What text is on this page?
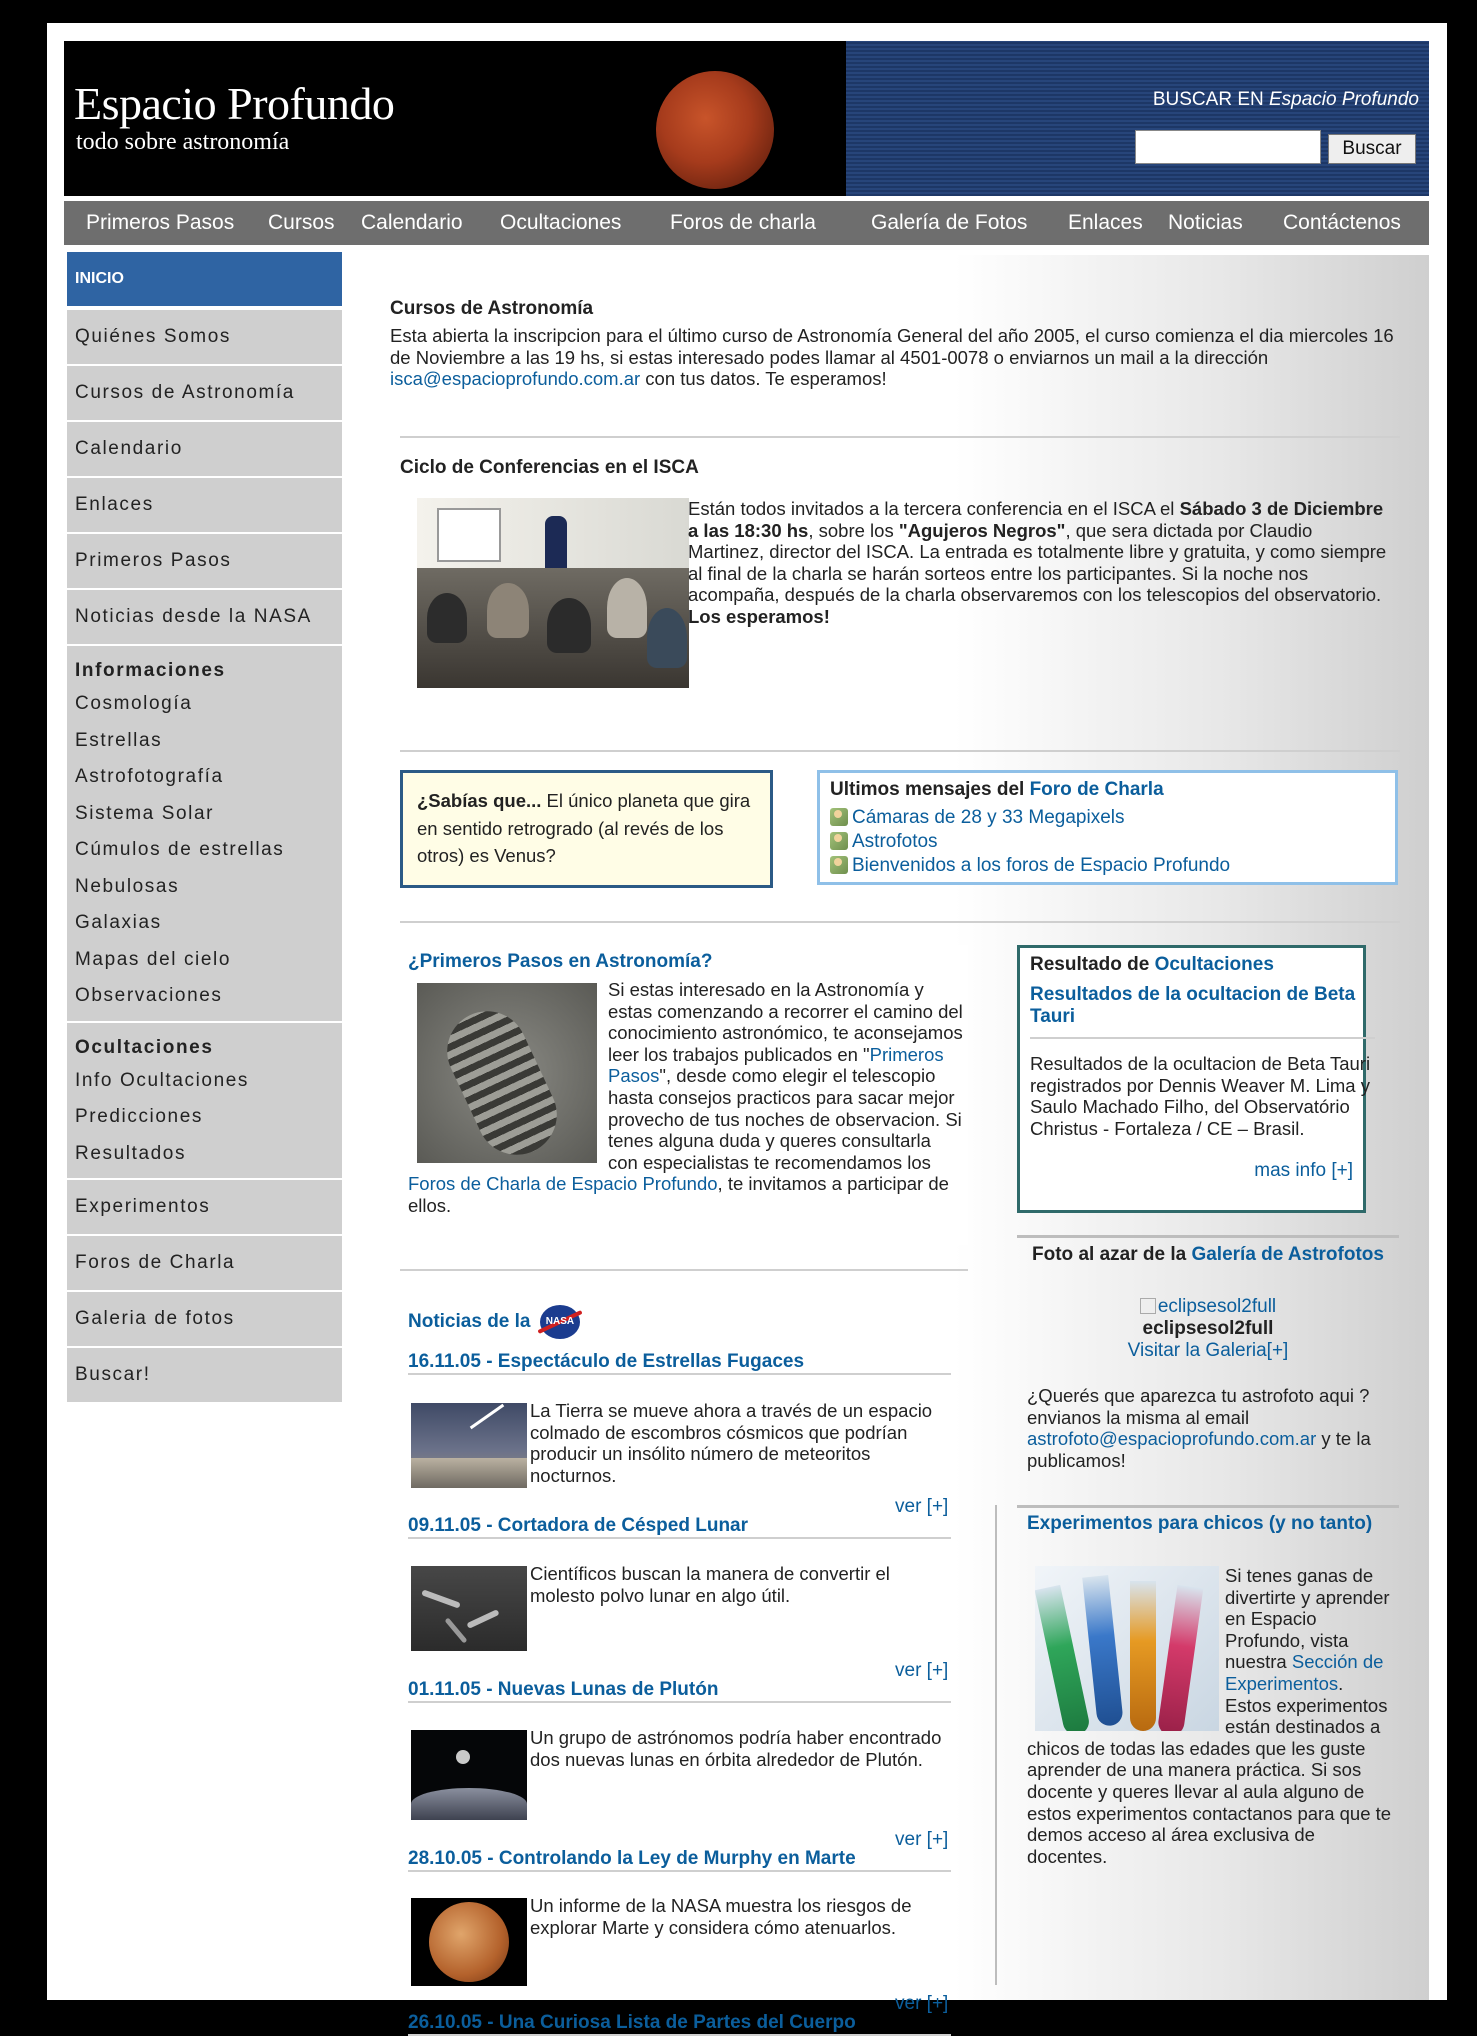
Espacio Profundo
todo sobre astronomía
BUSCAR EN Espacio Profundo
Buscar
Primeros Pasos Cursos Calendario Ocultaciones Foros de charla	Galería de Fotos Enlaces Noticias Contáctenos
INICIO
Quiénes Somos
Cursos de Astronomía
Calendario
Enlaces
Primeros Pasos
Noticias desde la NASA
Informaciones
Cosmología
Estrellas
Astrofotografía
Sistema Solar
Cúmulos de estrellas
Nebulosas
Galaxias
Mapas del cielo
Observaciones
Ocultaciones
Info Ocultaciones
Predicciones
Resultados
Experimentos
Foros de Charla
Galeria de fotos
Buscar!
Cursos de Astronomía
Esta abierta la inscripcion para el último curso de Astronomía General del año 2005, el curso comienza el dia miercoles 16 de Noviembre a las 19 hs, si estas interesado podes llamar al 4501-0078 o enviarnos un mail a la dirección isca@espacioprofundo.com.ar con tus datos. Te esperamos!
Ciclo de Conferencias en el ISCA
Están todos invitados a la tercera conferencia en el ISCA el Sábado 3 de Diciembre a las 18:30 hs, sobre los "Agujeros Negros", que sera dictada por Claudio Martinez, director del ISCA. La entrada es totalmente libre y gratuita, y como siempre al final de la charla se harán sorteos entre los participantes. Si la noche nos acompaña, después de la charla observaremos con los telescopios del observatorio. Los esperamos!
¿Sabías que... El único planeta que gira en sentido retrogrado (al revés de los otros) es Venus?
Ultimos mensajes del Foro de Charla
Cámaras de 28 y 33 Megapixels
Astrofotos
Bienvenidos a los foros de Espacio Profundo
¿Primeros Pasos en Astronomía?
Si estas interesado en la Astronomía y estas comenzando a recorrer el camino del conocimiento astronómico, te aconsejamos leer los trabajos publicados en "Primeros Pasos", desde como elegir el telescopio hasta consejos practicos para sacar mejor provecho de tus noches de observacion. Si tenes alguna duda y queres consultarla con especialistas te recomendamos los Foros de Charla de Espacio Profundo, te invitamos a participar de ellos.
Resultado de Ocultaciones
Resultados de la ocultacion de Beta Tauri
Resultados de la ocultacion de Beta Tauri registrados por Dennis Weaver M. Lima y Saulo Machado Filho, del Observatório Christus - Fortaleza / CE – Brasil.
mas info [+]
Foto al azar de la Galería de Astrofotos
eclipsesol2full
eclipsesol2full
Visitar la Galeria[+]
¿Querés que aparezca tu astrofoto aqui ? envianos la misma al email astrofoto@espacioprofundo.com.ar y te la publicamos!
Experimentos para chicos (y no tanto)
Si tenes ganas de divertirte y aprender en Espacio Profundo, vista nuestra Sección de Experimentos. Estos experimentos están destinados a chicos de todas las edades que les guste aprender de una manera práctica. Si sos docente y queres llevar al aula alguno de estos experimentos contactanos para que te demos acceso al área exclusiva de docentes.
Noticias de la NASA
16.11.05 - Espectáculo de Estrellas Fugaces
La Tierra se mueve ahora a través de un espacio colmado de escombros cósmicos que podrían producir un insólito número de meteoritos nocturnos.
ver [+]
09.11.05 - Cortadora de Césped Lunar
Científicos buscan la manera de convertir el molesto polvo lunar en algo útil.
ver [+]
01.11.05 - Nuevas Lunas de Plutón
Un grupo de astrónomos podría haber encontrado dos nuevas lunas en órbita alrededor de Plutón.
ver [+]
28.10.05 - Controlando la Ley de Murphy en Marte
Un informe de la NASA muestra los riesgos de explorar Marte y considera cómo atenuarlos.
ver [+]
26.10.05 - Una Curiosa Lista de Partes del Cuerpo
